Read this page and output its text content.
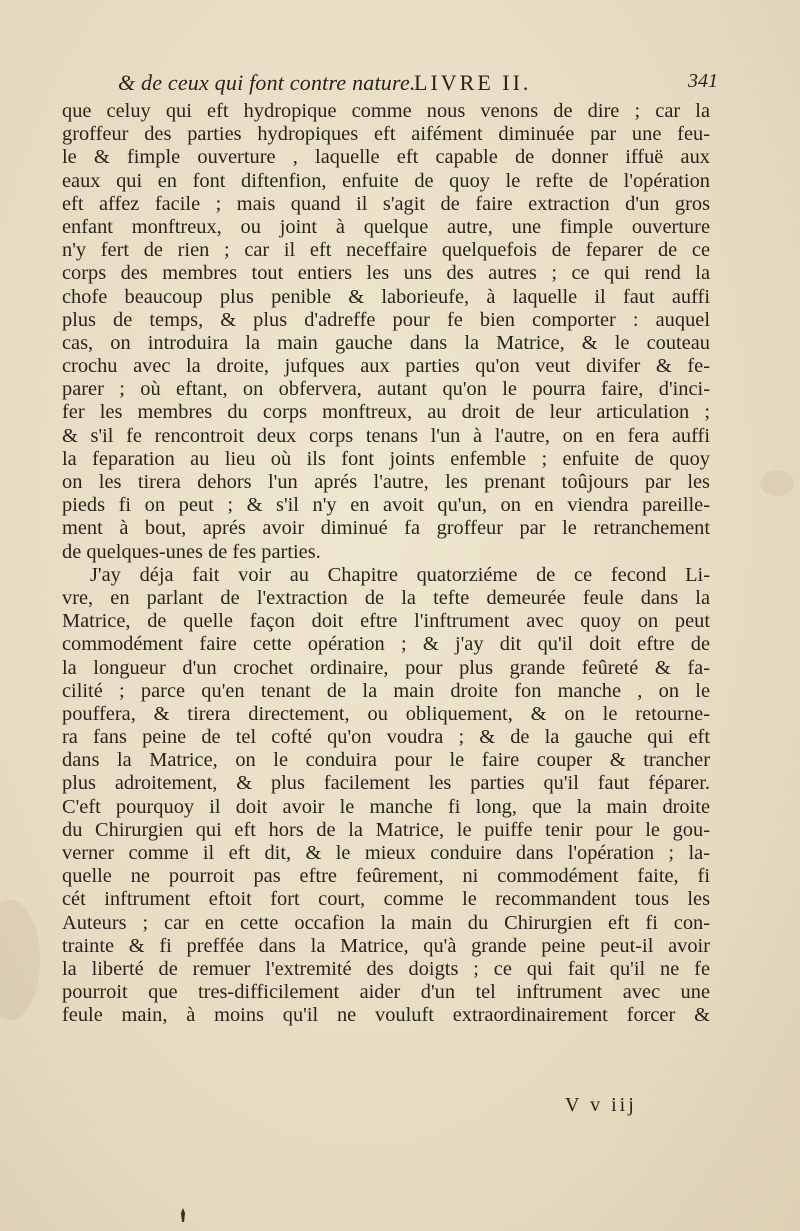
& de ceux qui font contre nature.
LIVRE II.	341
que celuy qui eft hydropique comme nous venons de dire ; car la
groffeur des parties hydropiques eft aifément diminuée par une feu-
le & fimple ouverture , laquelle eft capable de donner iffuë aux
eaux qui en font diftenfion, enfuite de quoy le refte de l'opération
eft affez facile ; mais quand il s'agit de faire extraction d'un gros
enfant monftreux, ou joint à quelque autre, une fimple ouverture
n'y fert de rien ; car il eft neceffaire quelquefois de feparer de ce
corps des membres tout entiers les uns des autres ; ce qui rend la
chofe beaucoup plus penible & laborieufe, à laquelle il faut auffi
plus de temps, & plus d'adreffe pour fe bien comporter : auquel
cas, on introduira la main gauche dans la Matrice, & le couteau
crochu avec la droite, jufques aux parties qu'on veut divifer & fe-
parer ; où eftant, on obfervera, autant qu'on le pourra faire, d'inci-
fer les membres du corps monftreux, au droit de leur articulation ;
& s'il fe rencontroit deux corps tenans l'un à l'autre, on en fera auffi
la feparation au lieu où ils font joints enfemble ; enfuite de quoy
on les tirera dehors l'un aprés l'autre, les prenant toûjours par les
pieds fi on peut ; & s'il n'y en avoit qu'un, on en viendra pareille-
ment à bout, aprés avoir diminué fa groffeur par le retranchement
de quelques-unes de fes parties.
J'ay déja fait voir au Chapitre quatorziéme de ce fecond Li-
vre, en parlant de l'extraction de la tefte demeurée feule dans la
Matrice, de quelle façon doit eftre l'inftrument avec quoy on peut
commodément faire cette opération ; & j'ay dit qu'il doit eftre de
la longueur d'un crochet ordinaire, pour plus grande feûreté & fa-
cilité ; parce qu'en tenant de la main droite fon manche , on le
pouffera, & tirera directement, ou obliquement, & on le retourne-
ra fans peine de tel cofté qu'on voudra ; & de la gauche qui eft
dans la Matrice, on le conduira pour le faire couper & trancher
plus adroitement, & plus facilement les parties qu'il faut féparer.
C'eft pourquoy il doit avoir le manche fi long, que la main droite
du Chirurgien qui eft hors de la Matrice, le puiffe tenir pour le gou-
verner comme il eft dit, & le mieux conduire dans l'opération ; la-
quelle ne pourroit pas eftre feûrement, ni commodément faite, fi
cét inftrument eftoit fort court, comme le recommandent tous les
Auteurs ; car en cette occafion la main du Chirurgien eft fi con-
trainte & fi preffée dans la Matrice, qu'à grande peine peut-il avoir
la liberté de remuer l'extremité des doigts ; ce qui fait qu'il ne fe
pourroit que tres-difficilement aider d'un tel inftrument avec une
feule main, à moins qu'il ne vouluft extraordinairement forcer &
V v iij
